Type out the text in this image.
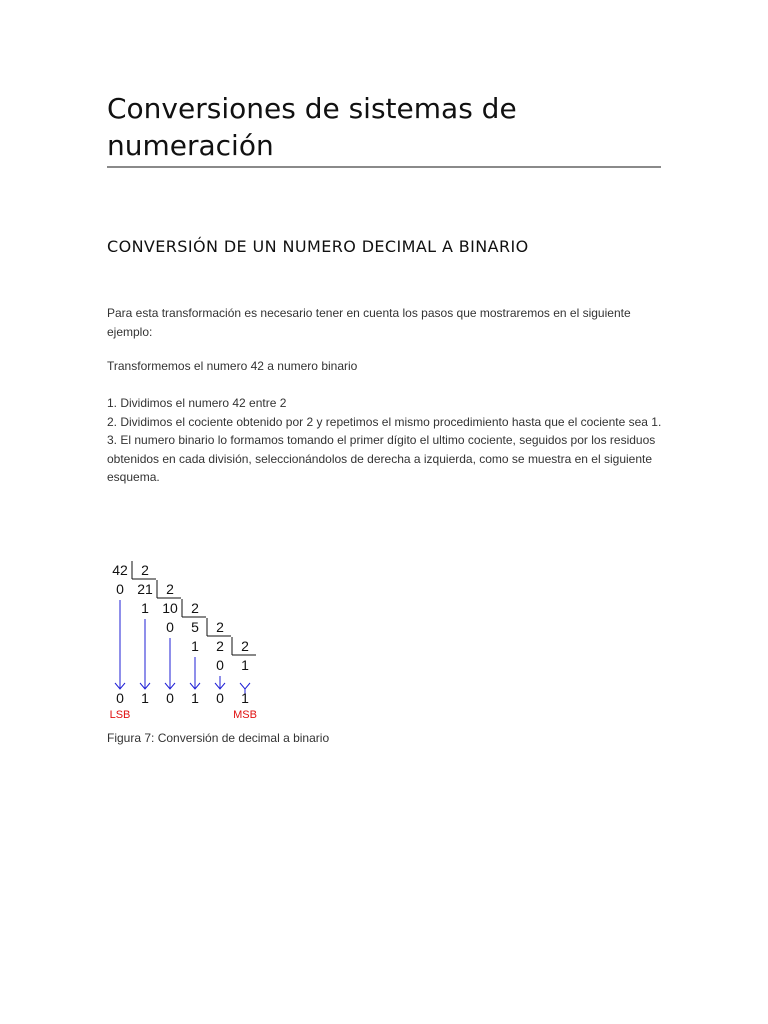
Conversiones de sistemas de numeración
CONVERSIÓN DE UN NUMERO DECIMAL A BINARIO

Para esta transformación es necesario tener en cuenta los pasos que mostraremos en el siguiente ejemplo:

Transformemos el numero 42 a numero binario

1. Dividimos el numero 42 entre 2
2. Dividimos el cociente obtenido por 2 y repetimos el mismo procedimiento hasta que el cociente sea 1.
3. El numero binario lo formamos tomando el primer dígito el ultimo cociente, seguidos por los residuos obtenidos en cada división, seleccionándolos de derecha a izquierda, como se muestra en el siguiente esquema.
42 2
0 21 2
1 10 2
0 5 2
1 2 2
0 1
0 1 0 1 0 1
LSB	MSB

Figura 7: Conversión de decimal a binario
